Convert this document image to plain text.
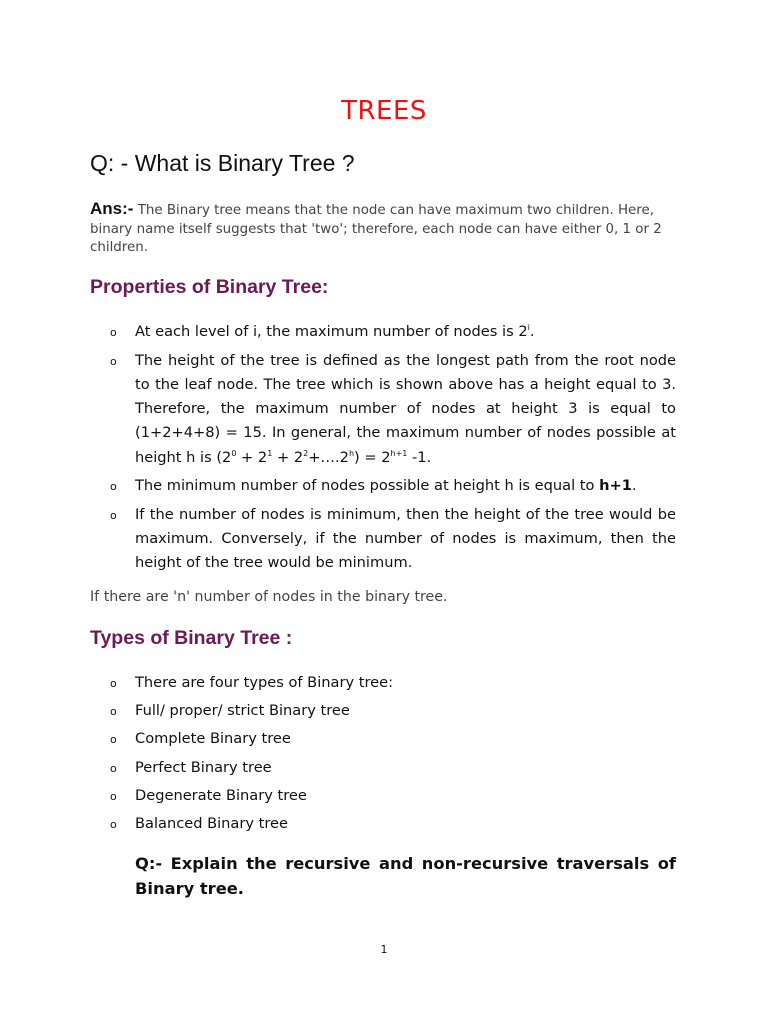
TREES
Q: - What is Binary Tree ?
Ans:- The Binary tree means that the node can have maximum two children. Here, binary name itself suggests that 'two'; therefore, each node can have either 0, 1 or 2 children.
Properties of Binary Tree:
o At each level of i, the maximum number of nodes is 2$^i$.
o The height of the tree is defined as the longest path from the root node to the leaf node. The tree which is shown above has a height equal to 3. Therefore, the maximum number of nodes at height 3 is equal to (1+2+4+8) = 15. In general, the maximum number of nodes possible at height h is ($2^0 + 2^1$ + $2^2+\dots.2^h) = 2^{h+1}$ -1.
o The minimum number of nodes possible at height h is equal to h+1.
o If the number of nodes is minimum, then the height of the tree would be maximum. Conversely, if the number of nodes is maximum, then the height of the tree would be minimum.
If there are 'n' number of nodes in the binary tree.
Types of Binary Tree :
o There are four types of Binary tree:
o Full/ proper/ strict Binary tree
o Complete Binary tree
o Perfect Binary tree
o Degenerate Binary tree
o Balanced Binary tree
Q:- Explain the recursive and non-recursive traversals of Binary tree.
1
